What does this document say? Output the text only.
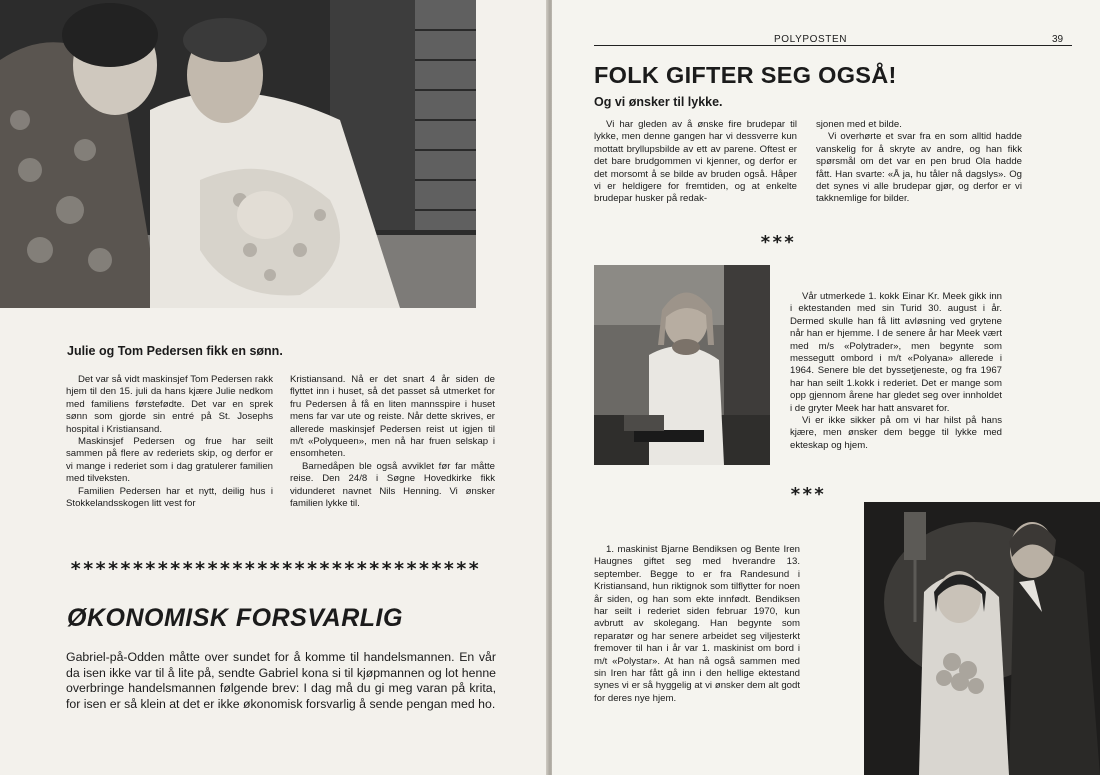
Julie og Tom Pedersen fikk en sønn.

Det var så vidt maskinsjef Tom Pedersen rakk hjem til den 15. juli da hans kjære Julie nedkom med familiens førstefødte. Det var en sprek sønn som gjorde sin entré på St. Josephs hospital i Kristiansand.

Maskinsjef Pedersen og frue har seilt sammen på flere av rederiets skip, og derfor er vi mange i rederiet som i dag gratulerer familien med tilveksten.

Familien Pedersen har et nytt, deilig hus i Stokkelandsskogen litt vest for

Kristiansand. Nå er det snart 4 år siden de flyttet inn i huset, så det passet så utmerket for fru Pedersen å få en liten mannsspire i huset mens far var ute og reiste. Når dette skrives, er allerede maskinsjef Pedersen reist ut igjen til m/t «Polyqueen», men nå har fruen selskap i ensomheten.

Barnedåpen ble også avviklet før far måtte reise. Den 24/8 i Søgne Hovedkirke fikk vidunderet navnet Nils Henning. Vi ønsker familien lykke til.

*********************************
ØKONOMISK FORSVARLIG
Gabriel-på-Odden måtte over sundet for å komme til handelsmannen. En vår da isen ikke var til å lite på, sendte Gabriel kona si til kjøpmannen og lot henne overbringe handelsmannen følgende brev: I dag må du gi meg varan på krita, for isen er så klein at det er ikke økonomisk forsvarlig å sende pengan med ho.
POLYPOSTEN	39
FOLK GIFTER SEG OGSÅ!
Og vi ønsker til lykke.

Vi har gleden av å ønske fire brudepar til lykke, men denne gangen har vi dessverre kun mottatt bryllupsbilde av ett av parene. Oftest er det bare brudgommen vi kjenner, og derfor er det morsomt å se bilde av bruden også. Håper vi er heldigere for fremtiden, og at enkelte brudepar husker på redak-

sjonen med et bilde.

Vi overhørte et svar fra en som alltid hadde vanskelig for å skryte av andre, og han fikk spørsmål om det var en pen brud Ola hadde fått. Han svarte: «Å ja, hu tåler nå dagslys». Og det synes vi alle brudepar gjør, og derfor er vi takknemlige for bilder.

***

Vår utmerkede 1. kokk Einar Kr. Meek gikk inn i ektestanden med sin Turid 30. august i år. Dermed skulle han få litt avløsning ved grytene når han er hjemme. I de senere år har Meek vært med m/s «Polytrader», men begynte som messegutt ombord i m/t «Polyana» allerede i 1964. Senere ble det byssetjeneste, og fra 1967 har han seilt 1.kokk i rederiet. Det er mange som opp gjennom årene har gledet seg over innholdet i de gryter Meek har hatt ansvaret for.

Vi er ikke sikker på om vi har hilst på hans kjære, men ønsker dem begge til lykke med ekteskap og hjem.

***

1. maskinist Bjarne Bendiksen og Bente Iren Haugnes giftet seg med hverandre 13. september. Begge to er fra Randesund i Kristiansand, hun riktignok som tilflytter for noen år siden, og han som ekte innfødt. Bendiksen har seilt i rederiet siden februar 1970, kun avbrutt av skolegang. Han begynte som reparatør og har senere arbeidet seg viljesterkt fremover til han i år var 1. maskinist om bord i m/t «Polystar». At han nå også sammen med sin Iren har fått gå inn i den hellige ektestand synes vi er så hyggelig at vi ønsker dem alt godt for deres nye hjem.
